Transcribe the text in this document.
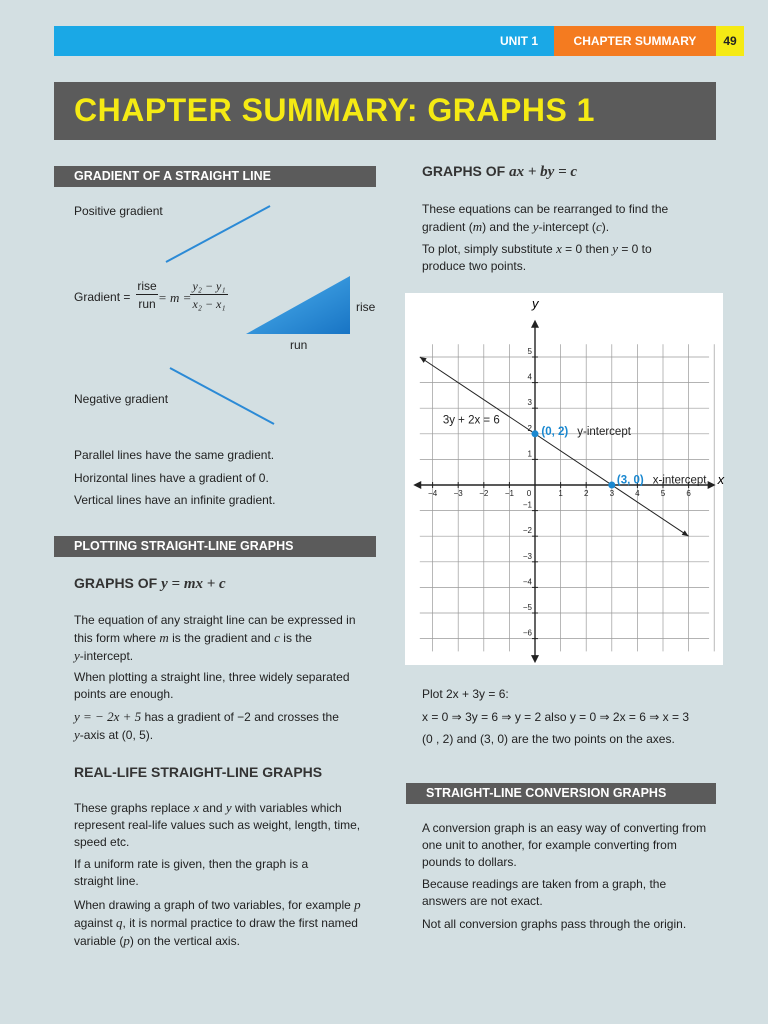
UNIT 1	CHAPTER SUMMARY	49
CHAPTER SUMMARY: GRAPHS 1
GRADIENT OF A STRAIGHT LINE
Positive gradient
Gradient =
rise
run = m =
y₂ − y₁
x₂ − x₁	rise
run
Negative gradient
Parallel lines have the same gradient.
Horizontal lines have a gradient of 0.
Vertical lines have an infinite gradient.
PLOTTING STRAIGHT-LINE GRAPHS
GRAPHS OF y = mx + c
The equation of any straight line can be expressed in this form where m is the gradient and c is the
y-intercept.
When plotting a straight line, three widely separated points are enough.
y = − 2x + 5 has a gradient of −2 and crosses the
y-axis at (0, 5).
REAL-LIFE STRAIGHT-LINE GRAPHS
These graphs replace x and y with variables which represent real-life values such as weight, length, time, speed etc.
If a uniform rate is given, then the graph is a straight line.
When drawing a graph of two variables, for example p against q, it is normal practice to draw the first named variable (p) on the vertical axis.
GRAPHS OF ax + by = c
These equations can be rearranged to find the gradient (m) and the y-intercept (c).
To plot, simply substitute x = 0 then y = 0 to produce two points.
−4 −3 −2 −1 0	1	2	3	4	5	6
1
2
3
4
5
−1
−2
−3
−4
−5
−6
y
x
3y + 2x = 6
(0, 2) y-intercept
(3, 0) x-intercept
Plot 2x + 3y = 6:
x = 0 ⇒ 3y = 6 ⇒ y = 2 also y = 0 ⇒ 2x = 6 ⇒ x = 3
(0 , 2) and (3, 0) are the two points on the axes.
STRAIGHT-LINE CONVERSION GRAPHS
A conversion graph is an easy way of converting from one unit to another, for example converting from pounds to dollars.
Because readings are taken from a graph, the answers are not exact.
Not all conversion graphs pass through the origin.
